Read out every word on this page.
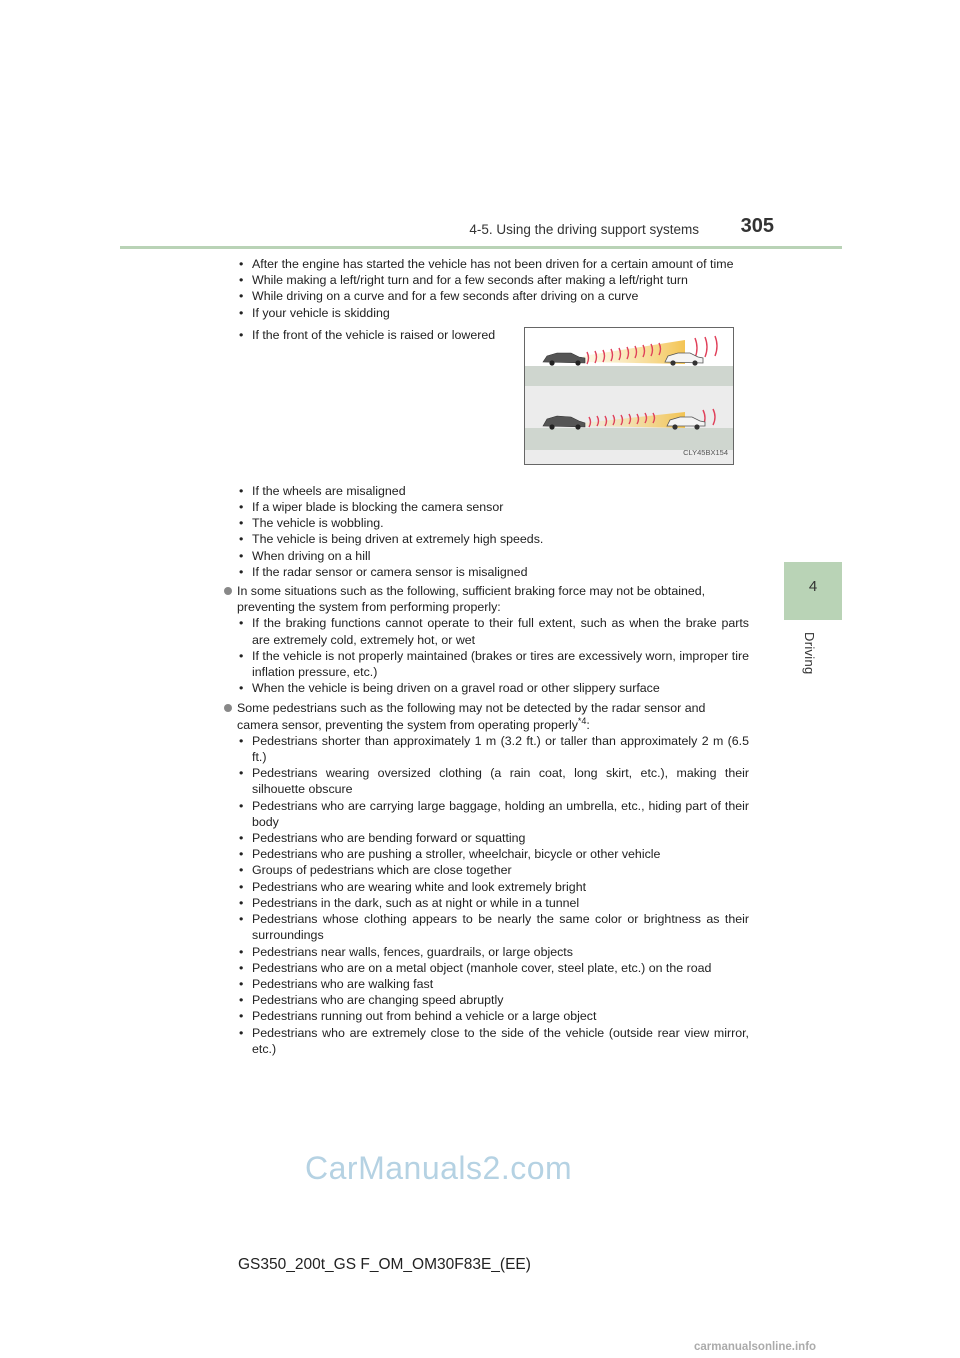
4-5. Using the driving support systems 305
4
Driving
• After the engine has started the vehicle has not been driven for a certain amount of time
• While making a left/right turn and for a few seconds after making a left/right turn
• While driving on a curve and for a few seconds after driving on a curve
• If your vehicle is skidding
• If the front of the vehicle is raised or lowered
CLY45BX154
• If the wheels are misaligned
• If a wiper blade is blocking the camera sensor
• The vehicle is wobbling.
• The vehicle is being driven at extremely high speeds.
• When driving on a hill
• If the radar sensor or camera sensor is misaligned
In some situations such as the following, sufficient braking force may not be obtained, preventing the system from performing properly:
• If the braking functions cannot operate to their full extent, such as when the brake parts are extremely cold, extremely hot, or wet
• If the vehicle is not properly maintained (brakes or tires are excessively worn, improper tire inflation pressure, etc.)
• When the vehicle is being driven on a gravel road or other slippery surface
Some pedestrians such as the following may not be detected by the radar sensor and camera sensor, preventing the system from operating properly$^{*4}$:
• Pedestrians shorter than approximately 1 m (3.2 ft.) or taller than approximately 2 m (6.5 ft.)
• Pedestrians wearing oversized clothing (a rain coat, long skirt, etc.), making their silhouette obscure
• Pedestrians who are carrying large baggage, holding an umbrella, etc., hiding part of their body
• Pedestrians who are bending forward or squatting
• Pedestrians who are pushing a stroller, wheelchair, bicycle or other vehicle
• Groups of pedestrians which are close together
• Pedestrians who are wearing white and look extremely bright
• Pedestrians in the dark, such as at night or while in a tunnel
• Pedestrians whose clothing appears to be nearly the same color or brightness as their surroundings
• Pedestrians near walls, fences, guardrails, or large objects
• Pedestrians who are on a metal object (manhole cover, steel plate, etc.) on the road
• Pedestrians who are walking fast
• Pedestrians who are changing speed abruptly
• Pedestrians running out from behind a vehicle or a large object
• Pedestrians who are extremely close to the side of the vehicle (outside rear view mirror, etc.)
CarManuals2.com
GS350_200t_GS F_OM_OM30F83E_(EE)
carmanualsonline.info
